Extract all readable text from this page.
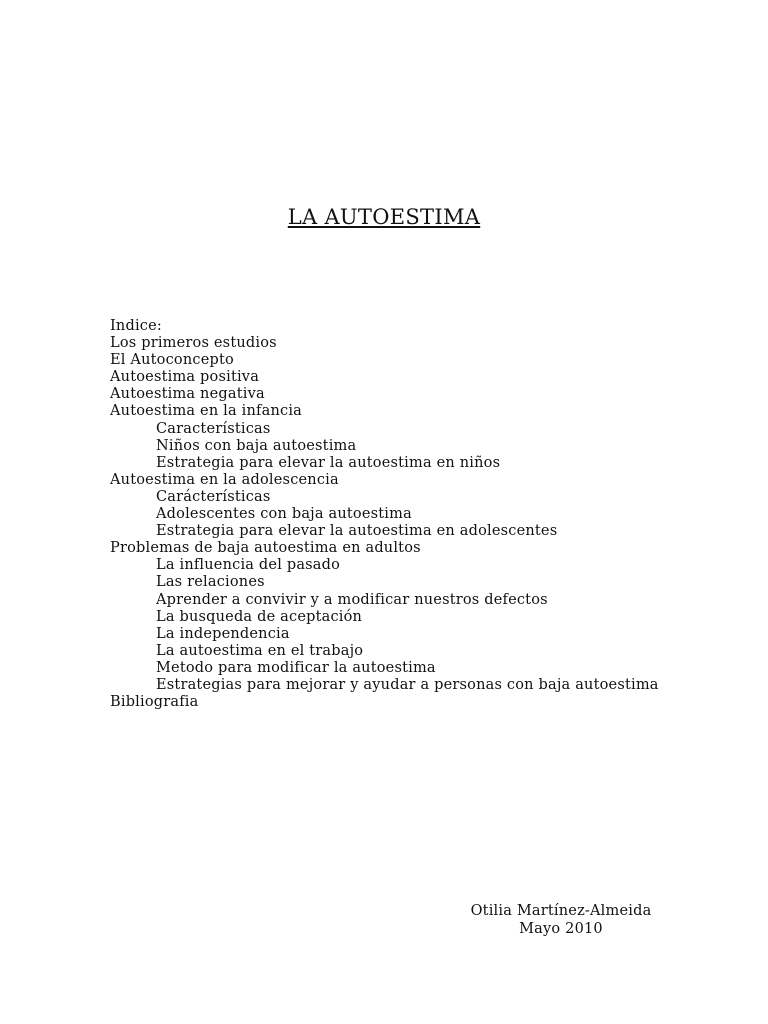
LA AUTOESTIMA
Indice:
Los primeros estudios
El Autoconcepto
Autoestima positiva
Autoestima negativa
Autoestima en la infancia
Características
Niños con baja autoestima
Estrategia para elevar la autoestima en niños
Autoestima en la adolescencia
Carácterísticas
Adolescentes con baja autoestima
Estrategia para elevar la autoestima en adolescentes
Problemas de baja autoestima en adultos
La influencia del pasado
Las relaciones
Aprender a convivir y a modificar nuestros defectos
La busqueda de aceptación
La independencia
La autoestima en el trabajo
Metodo para modificar la autoestima
Estrategias para mejorar y ayudar a personas con baja autoestima
Bibliografia
Otilia Martínez-Almeida
Mayo 2010
